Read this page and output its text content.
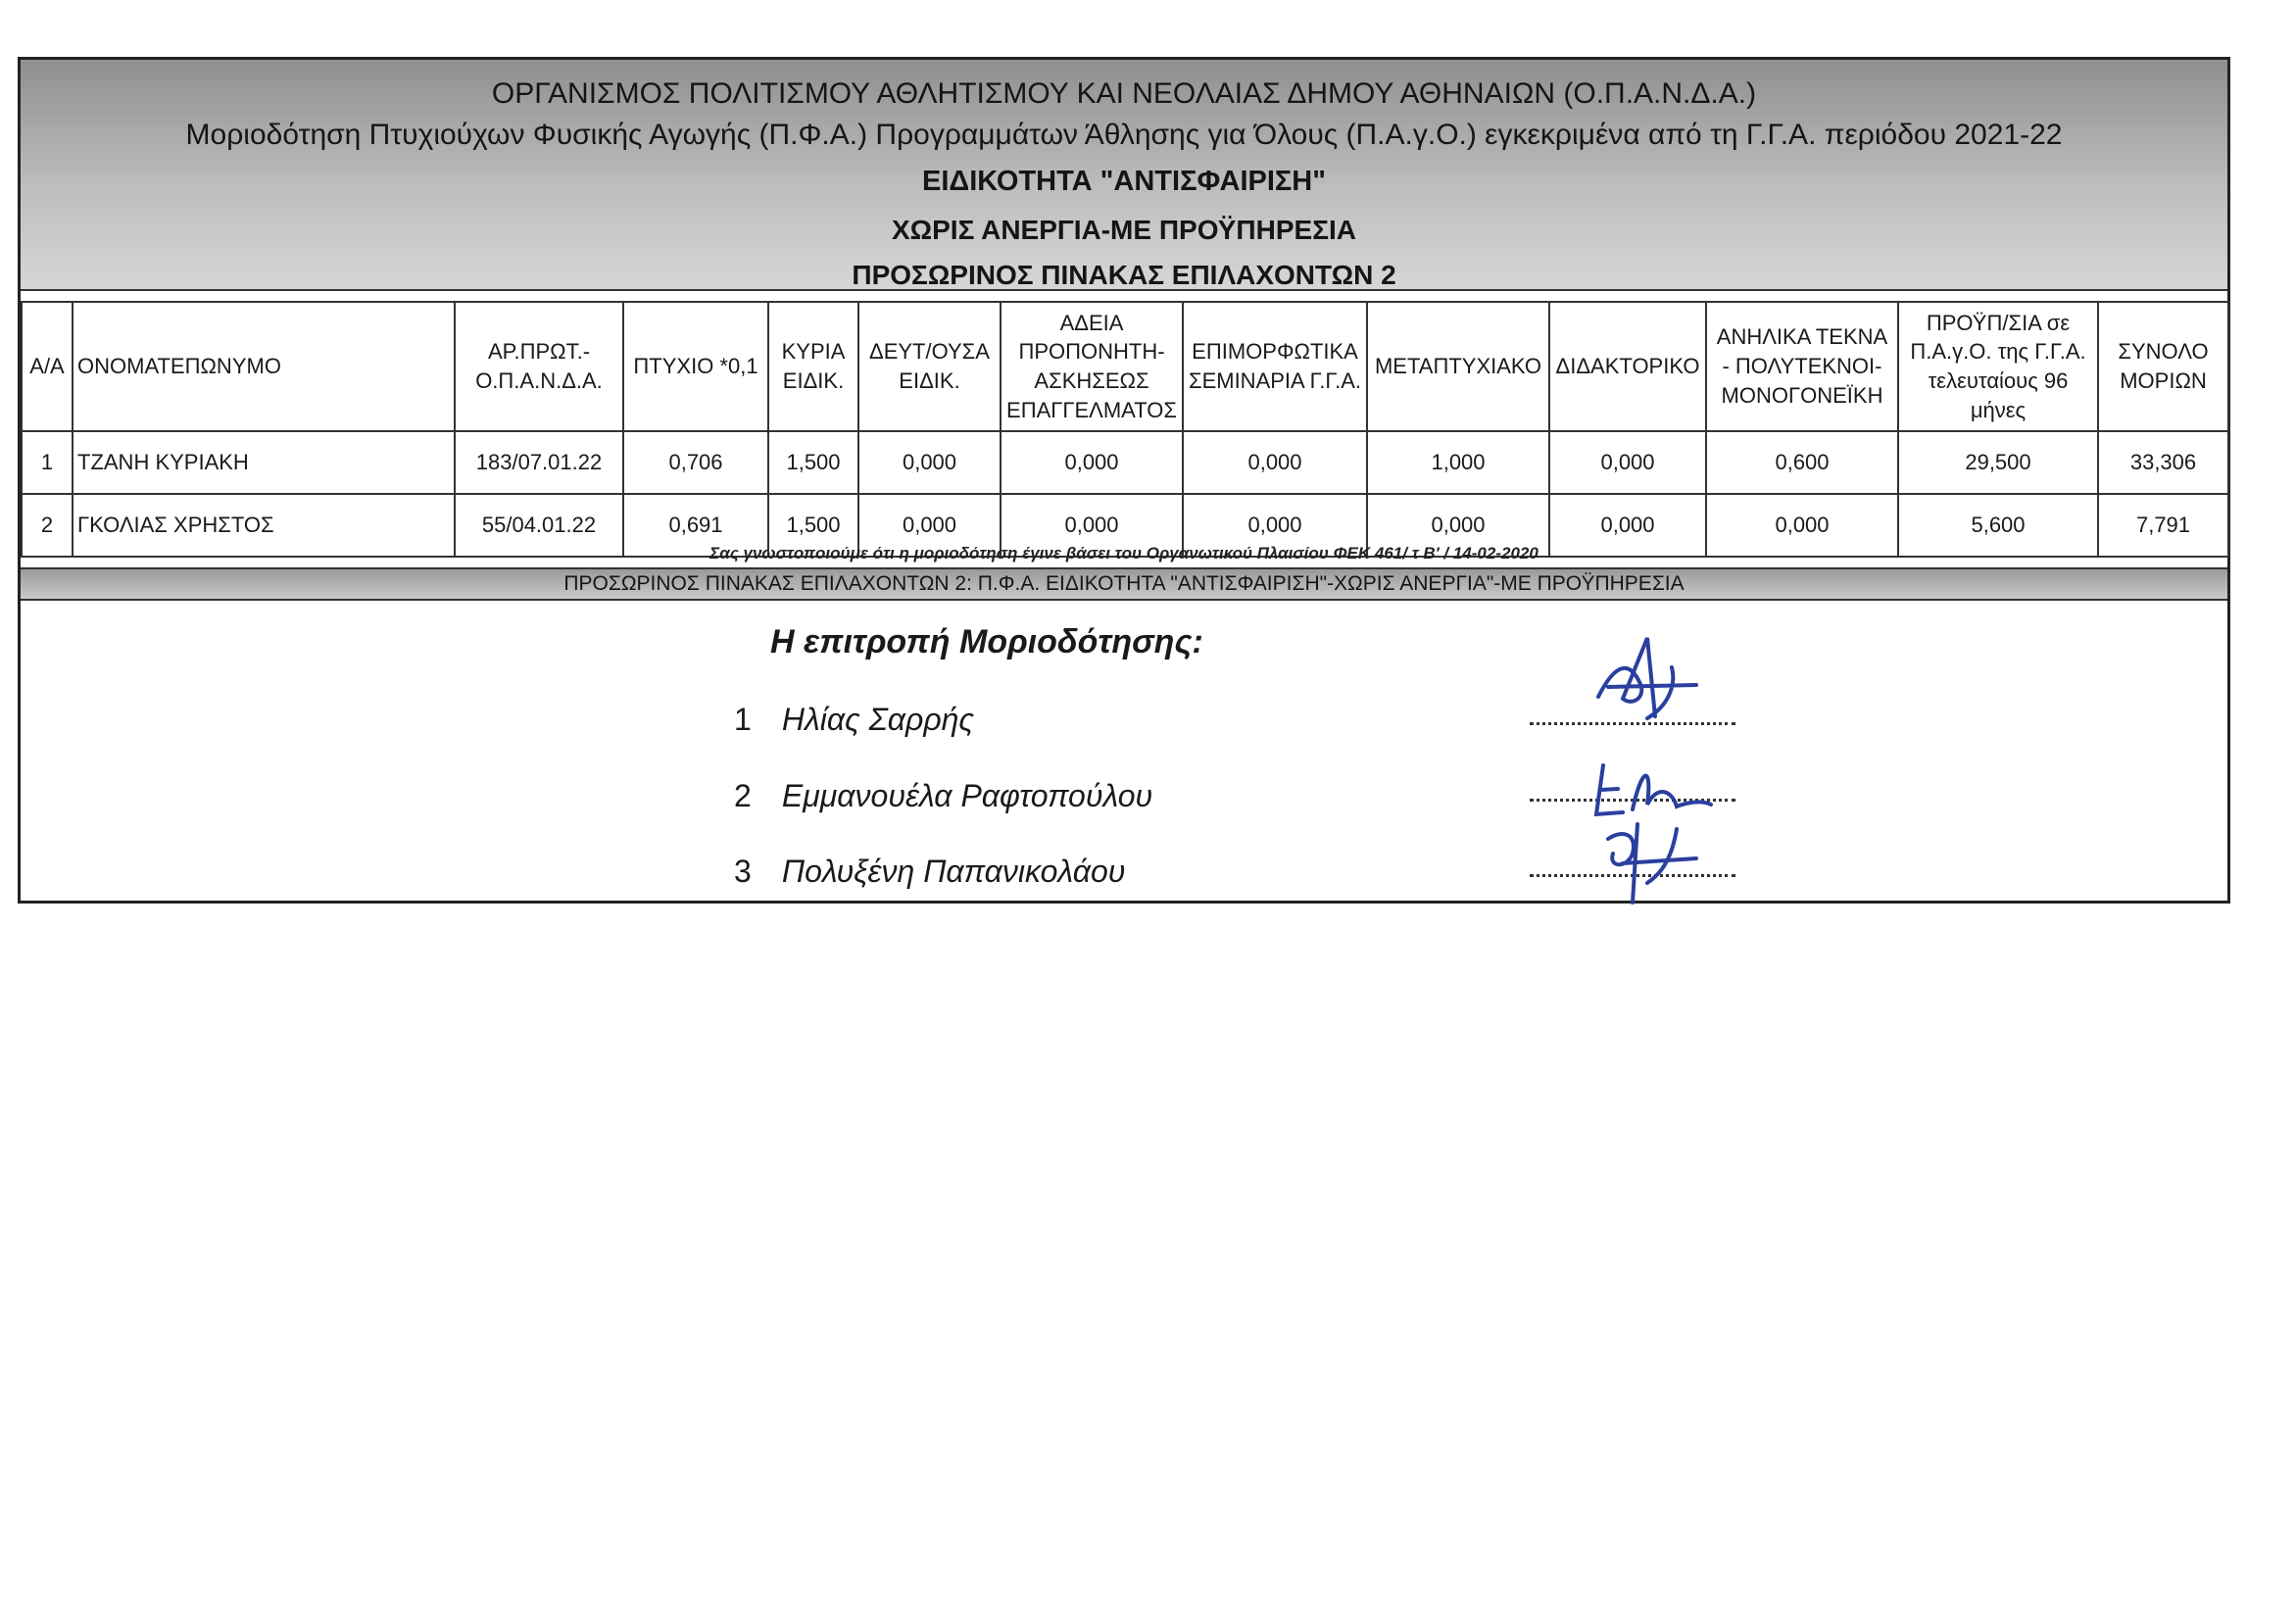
ΟΡΓΑΝΙΣΜΟΣ ΠΟΛΙΤΙΣΜΟΥ ΑΘΛΗΤΙΣΜΟΥ ΚΑΙ ΝΕΟΛΑΙΑΣ ΔΗΜΟΥ ΑΘΗΝΑΙΩΝ (Ο.Π.Α.Ν.Δ.Α.)
Μοριοδότηση Πτυχιούχων Φυσικής Αγωγής (Π.Φ.Α.) Προγραμμάτων Άθλησης για Όλους (Π.Α.γ.Ο.) εγκεκριμένα από τη Γ.Γ.Α. περιόδου 2021-22
ΕΙΔΙΚΟΤΗΤΑ "ΑΝΤΙΣΦΑΙΡΙΣΗ"
ΧΩΡΙΣ ΑΝΕΡΓΙΑ-ΜΕ ΠΡΟΫΠΗΡΕΣΙΑ
ΠΡΟΣΩΡΙΝΟΣ ΠΙΝΑΚΑΣ ΕΠΙΛΑΧΟΝΤΩΝ 2
Α/Α	ΟΝΟΜΑΤΕΠΩΝΥΜΟ	ΑΡ.ΠΡΩΤ.- Ο.Π.Α.Ν.Δ.Α.	ΠΤΥΧΙΟ *0,1	ΚΥΡΙΑ ΕΙΔΙΚ.	ΔΕΥΤ/ΟΥΣΑ ΕΙΔΙΚ.	ΑΔΕΙΑ ΠΡΟΠΟΝΗΤΗ- ΑΣΚΗΣΕΩΣ ΕΠΑΓΓΕΛΜΑΤΟΣ	ΕΠΙΜΟΡΦΩΤΙΚΑ ΣΕΜΙΝΑΡΙΑ Γ.Γ.Α.	ΜΕΤΑΠΤΥΧΙΑΚΟ	ΔΙΔΑΚΤΟΡΙΚΟ	ΑΝΗΛΙΚΑ ΤΕΚΝΑ - ΠΟΛΥΤΕΚΝΟΙ- ΜΟΝΟΓΟΝΕΪΚΗ	ΠΡΟΫΠ/ΣΙΑ σε Π.Α.γ.Ο. της Γ.Γ.Α. τελευταίους 96 μήνες	ΣΥΝΟΛΟ ΜΟΡΙΩΝ
1	ΤΖΑΝΗ ΚΥΡΙΑΚΗ	183/07.01.22	0,706	1,500	0,000	0,000	0,000	1,000	0,000	0,600	29,500	33,306
2	ΓΚΟΛΙΑΣ ΧΡΗΣΤΟΣ	55/04.01.22	0,691	1,500	0,000	0,000	0,000	0,000	0,000	0,000	5,600	7,791
Σας γνωστοποιούμε ότι η μοριοδότηση έγινε βάσει του Οργανωτικού Πλαισίου ΦΕΚ 461/ τ Β' / 14-02-2020
ΠΡΟΣΩΡΙΝΟΣ ΠΙΝΑΚΑΣ ΕΠΙΛΑΧΟΝΤΩΝ 2: Π.Φ.Α. ΕΙΔΙΚΟΤΗΤΑ "ΑΝΤΙΣΦΑΙΡΙΣΗ"-ΧΩΡΙΣ ΑΝΕΡΓΙΑ"-ΜΕ ΠΡΟΫΠΗΡΕΣΙΑ
Η επιτροπή Μοριοδότησης:
1 Ηλίας Σαρρής
2 Εμμανουέλα Ραφτοπούλου
3 Πολυξένη Παπανικολάου
